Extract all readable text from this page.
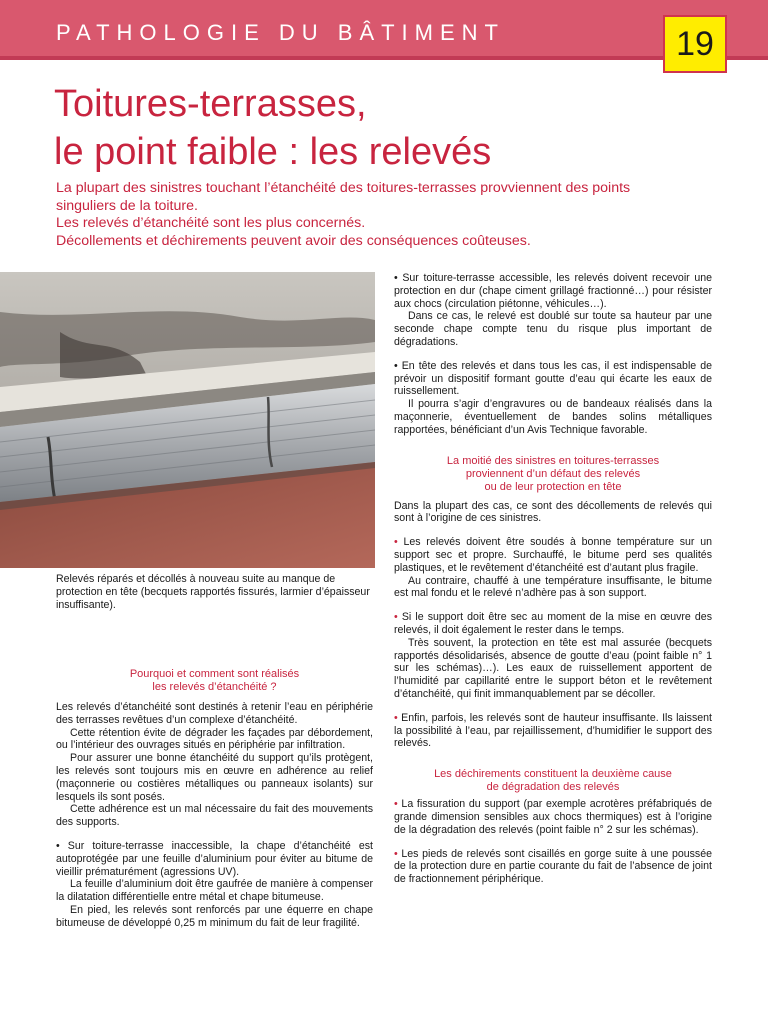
PATHOLOGIE DU BÂTIMENT	19
Toitures-terrasses,
le point faible : les relevés

La plupart des sinistres touchant l’étanchéité des toitures-terrasses provviennent des points singuliers de la toiture.

Les relevés d’étanchéité sont les plus concernés.

Décollements et déchirements peuvent avoir des conséquences coûteuses.

Relevés réparés et décollés à nouveau suite au manque de protection en tête (becquets rapportés fissurés, larmier d’épaisseur insuffisante).

Pourquoi et comment sont réalisés
les relevés d’étanchéité ?

Les relevés d’étanchéité sont destinés à retenir l’eau en périphérie des terrasses revêtues d’un complexe d’étanchéité.

Cette rétention évite de dégrader les façades par débordement, ou l’intérieur des ouvrages situés en périphérie par infiltration.

Pour assurer une bonne étanchéité du support qu’ils protègent, les relevés sont toujours mis en œuvre en adhérence au relief (maçonnerie ou costières métalliques ou panneaux isolants) sur lesquels ils sont posés.

Cette adhérence est un mal nécessaire du fait des mouvements des supports.

• Sur toiture-terrasse inaccessible, la chape d’étanchéité est autoprotégée par une feuille d’aluminium pour éviter au bitume de vieillir prématurément (agressions UV).

La feuille d’aluminium doit être gaufrée de manière à compenser la dilatation différentielle entre métal et chape bitumeuse.

En pied, les relevés sont renforcés par une équerre en chape bitumeuse de développé 0,25 m minimum du fait de leur fragilité.

• Sur toiture-terrasse accessible, les relevés doivent recevoir une protection en dur (chape ciment grillagé fractionné…) pour résister aux chocs (circulation piétonne, véhicules…).

Dans ce cas, le relevé est doublé sur toute sa hauteur par une seconde chape compte tenu du risque plus important de dégradations.

• En tête des relevés et dans tous les cas, il est indispensable de prévoir un dispositif formant goutte d’eau qui écarte les eaux de ruissellement.

Il pourra s’agir d’engravures ou de bandeaux réalisés dans la maçonnerie, éventuellement de bandes solins métalliques rapportées, bénéficiant d’un Avis Technique favorable.

La moitié des sinistres en toitures-terrasses
proviennent d’un défaut des relevés
ou de leur protection en tête

Dans la plupart des cas, ce sont des décollements de relevés qui sont à l’origine de ces sinistres.

• Les relevés doivent être soudés à bonne température sur un support sec et propre. Surchauffé, le bitume perd ses qualités plastiques, et le revêtement d’étanchéité est d’autant plus fragile.

Au contraire, chauffé à une température insuffisante, le bitume est mal fondu et le relevé n’adhère pas à son support.

• Si le support doit être sec au moment de la mise en œuvre des relevés, il doit également le rester dans le temps.

Très souvent, la protection en tête est mal assurée (becquets rapportés désolidarisés, absence de goutte d’eau (point faible n° 1 sur les schémas)…). Les eaux de ruissellement apportent de l’humidité par capillarité entre le support béton et le revêtement d’étanchéité, qui finit immanquablement par se décoller.

• Enfin, parfois, les relevés sont de hauteur insuffisante. Ils laissent la possibilité à l’eau, par rejaillissement, d’humidifier le support des relevés.

Les déchirements constituent la deuxième cause
de dégradation des relevés

• La fissuration du support (par exemple acrotères préfabriqués de grande dimension sensibles aux chocs thermiques) est à l’origine de la dégradation des relevés (point faible n° 2 sur les schémas).

• Les pieds de relevés sont cisaillés en gorge suite à une poussée de la protection dure en partie courante du fait de l’absence de joint de fractionnement périphérique.
